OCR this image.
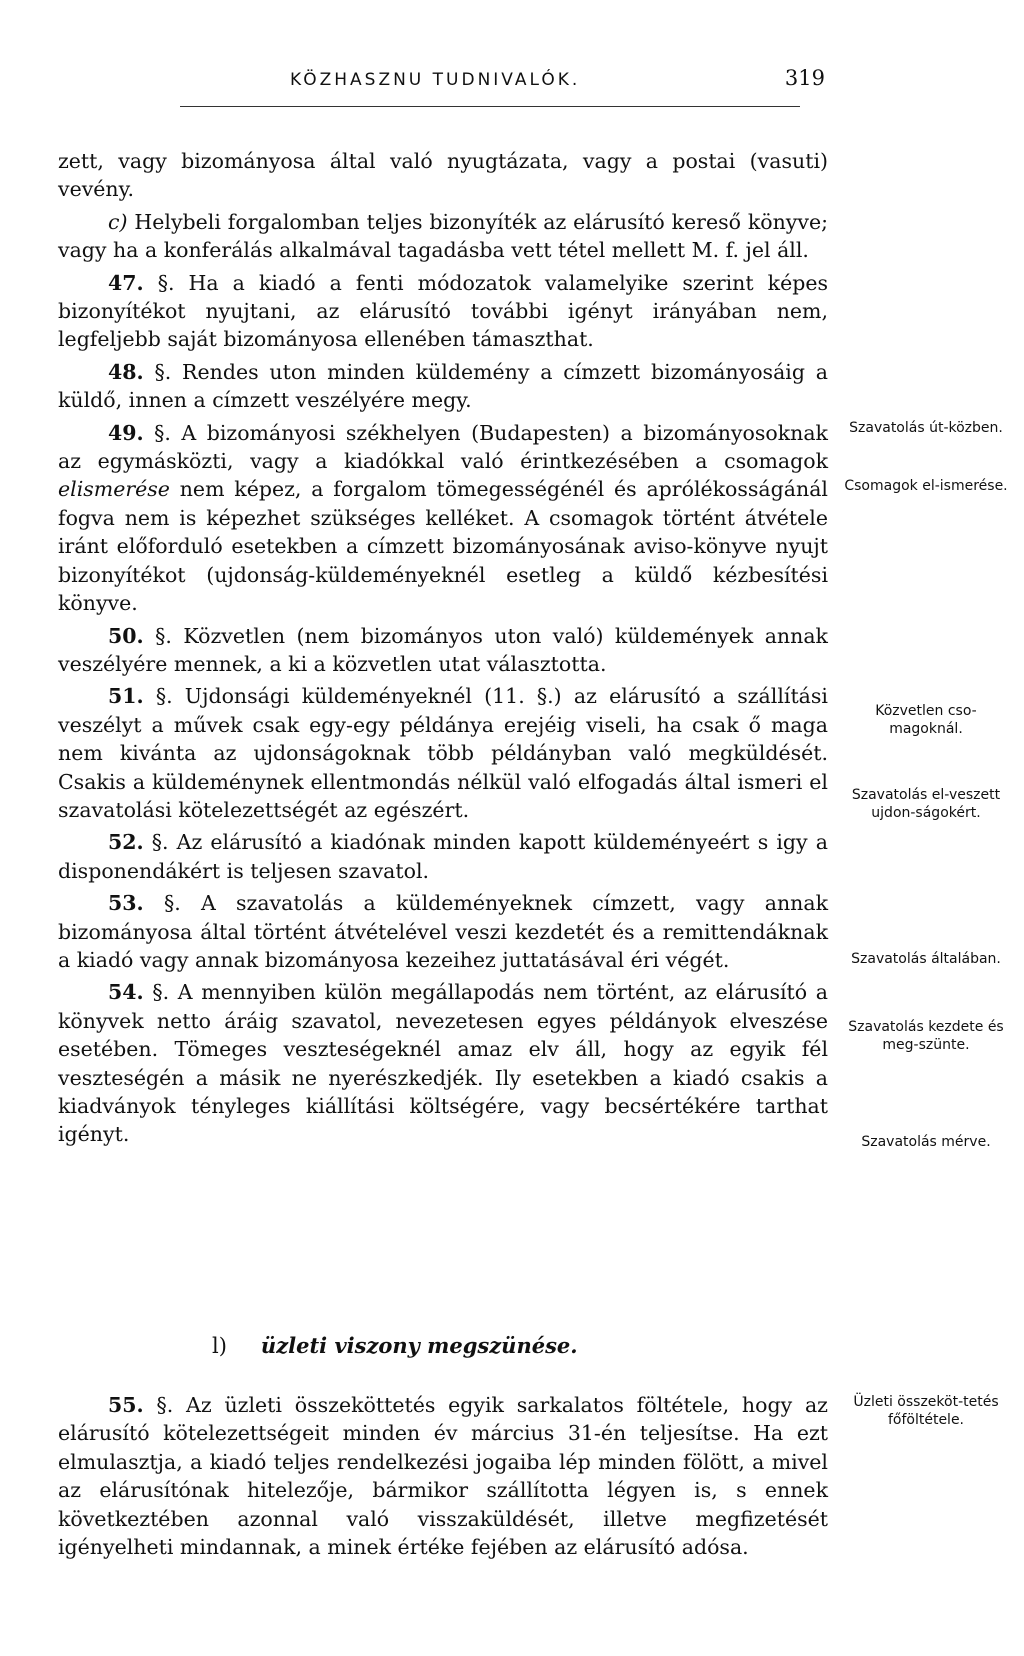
KÖZHASZNU TUDNIVALÓK.	319

zett, vagy bizományosa által való nyugtázata, vagy a postai (vasuti) vevény.

c) Helybeli forgalomban teljes bizonyíték az elárusító kereső könyve; vagy ha a konferálás alkalmával tagadásba vett tétel mellett M. f. jel áll.

47. §. Ha a kiadó a fenti módozatok valamelyike szerint képes bizonyítékot nyujtani, az elárusító további igényt irányában nem, legfeljebb saját bizományosa ellenében támaszthat.

48. §. Rendes uton minden küldemény a címzett bizományosáig a küldő, innen a címzett veszélyére megy.

49. §. A bizományosi székhelyen (Budapesten) a bizományosoknak az egymásközti, vagy a kiadókkal való érintkezésében a csomagok elismerése nem képez, a forgalom tömegességénél és aprólékosságánál fogva nem is képezhet szükséges kelléket. A csomagok történt átvétele iránt előforduló esetekben a címzett bizományosának aviso-könyve nyujt bizonyítékot (ujdonság-küldeményeknél esetleg a küldő kézbesítési könyve.

50. §. Közvetlen (nem bizományos uton való) küldemények annak veszélyére mennek, a ki a közvetlen utat választotta.

51. §. Ujdonsági küldeményeknél (11. §.) az elárusító a szállítási veszélyt a művek csak egy-egy példánya erejéig viseli, ha csak ő maga nem kivánta az ujdonságoknak több példányban való megküldését. Csakis a küldeménynek ellentmondás nélkül való elfogadás által ismeri el szavatolási kötelezettségét az egészért.

52. §. Az elárusító a kiadónak minden kapott küldeményeért s igy a disponendákért is teljesen szavatol.

53. §. A szavatolás a küldeményeknek címzett, vagy annak bizományosa által történt átvételével veszi kezdetét és a remittendáknak a kiadó vagy annak bizományosa kezeihez juttatásával éri végét.

54. §. A mennyiben külön megállapodás nem történt, az elárusító a könyvek netto áráig szavatol, nevezetesen egyes példányok elveszése esetében. Tömeges veszteségeknél amaz elv áll, hogy az egyik fél veszteségén a másik ne nyerészkedjék. Ily esetekben a kiadó csakis a kiadványok tényleges kiállítási költségére, vagy becsértékére tarthat igényt.

l) üzleti viszony megszünése.

55. §. Az üzleti összeköttetés egyik sarkalatos föltétele, hogy az elárusító kötelezettségeit minden év március 31-én teljesítse. Ha ezt elmulasztja, a kiadó teljes rendelkezési jogaiba lép minden fölött, a mivel az elárusítónak hitelezője, bármikor szállította légyen is, s ennek következtében azonnal való visszaküldését, illetve megfizetését igényelheti mindannak, a minek értéke fejében az elárusító adósa.

Szavatolás út-közben.
Csomagok el-ismerése.
Közvetlen cso-magoknál.
Szavatolás el-veszett ujdon-ságokért.
Szavatolás általában.
Szavatolás kezdete és meg-szünte.
Szavatolás mérve.
Üzleti összeköt-tetés főföltétele.
